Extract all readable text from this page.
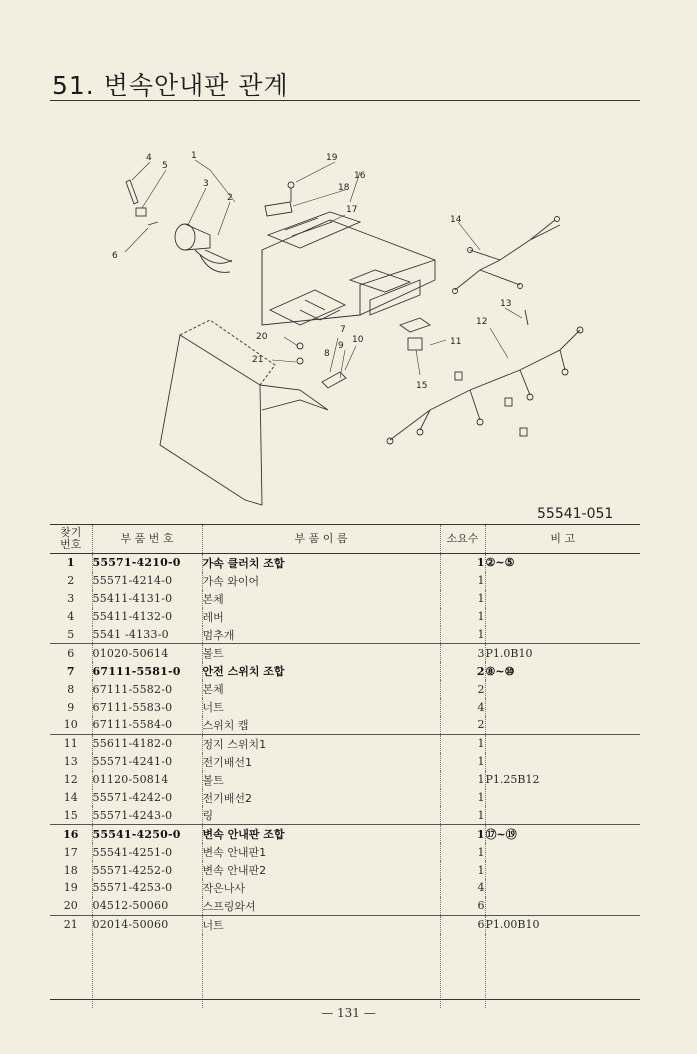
51. 변속안내판 관계
1
2
3
4
5
6
7
8
9
10	11
12
13
14
15
16
17
18
19
20
21
55541-051
찾기
번호	부 품 번 호	부 품 이 름	소요수	비 고
1	55571-4210-0	가속 클러치 조합	1	②~⑤
2	55571-4214-0	가속 와이어	1	
3	55411-4131-0	본체	1	
4	55411-4132-0	레버	1	
5	5541 -4133-0	멈추개	1	
6	01020-50614	볼트	3	P1.0B10
7	67111-5581-0	안전 스위치 조합	2	⑧~⑩
8	67111-5582-0	본체	2	
9	67111-5583-0	너트	4	
10	67111-5584-0	스위치 캡	2	
11	55611-4182-0	정지 스위치1	1	
13	55571-4241-0	전기배선1	1	
12	01120-50814	볼트	1	P1.25B12
14	55571-4242-0	전기배선2	1	
15	55571-4243-0	링	1	
16	55541-4250-0	변속 안내판 조합	1	⑰~⑲
17	55541-4251-0	변속 안내판1	1	
18	55571-4252-0	변속 안내판2	1	
19	55571-4253-0	작은나사	4	
20	04512-50060	스프링와셔	6	
21	02014-50060	너트	6	P1.00B10

— 131 —
